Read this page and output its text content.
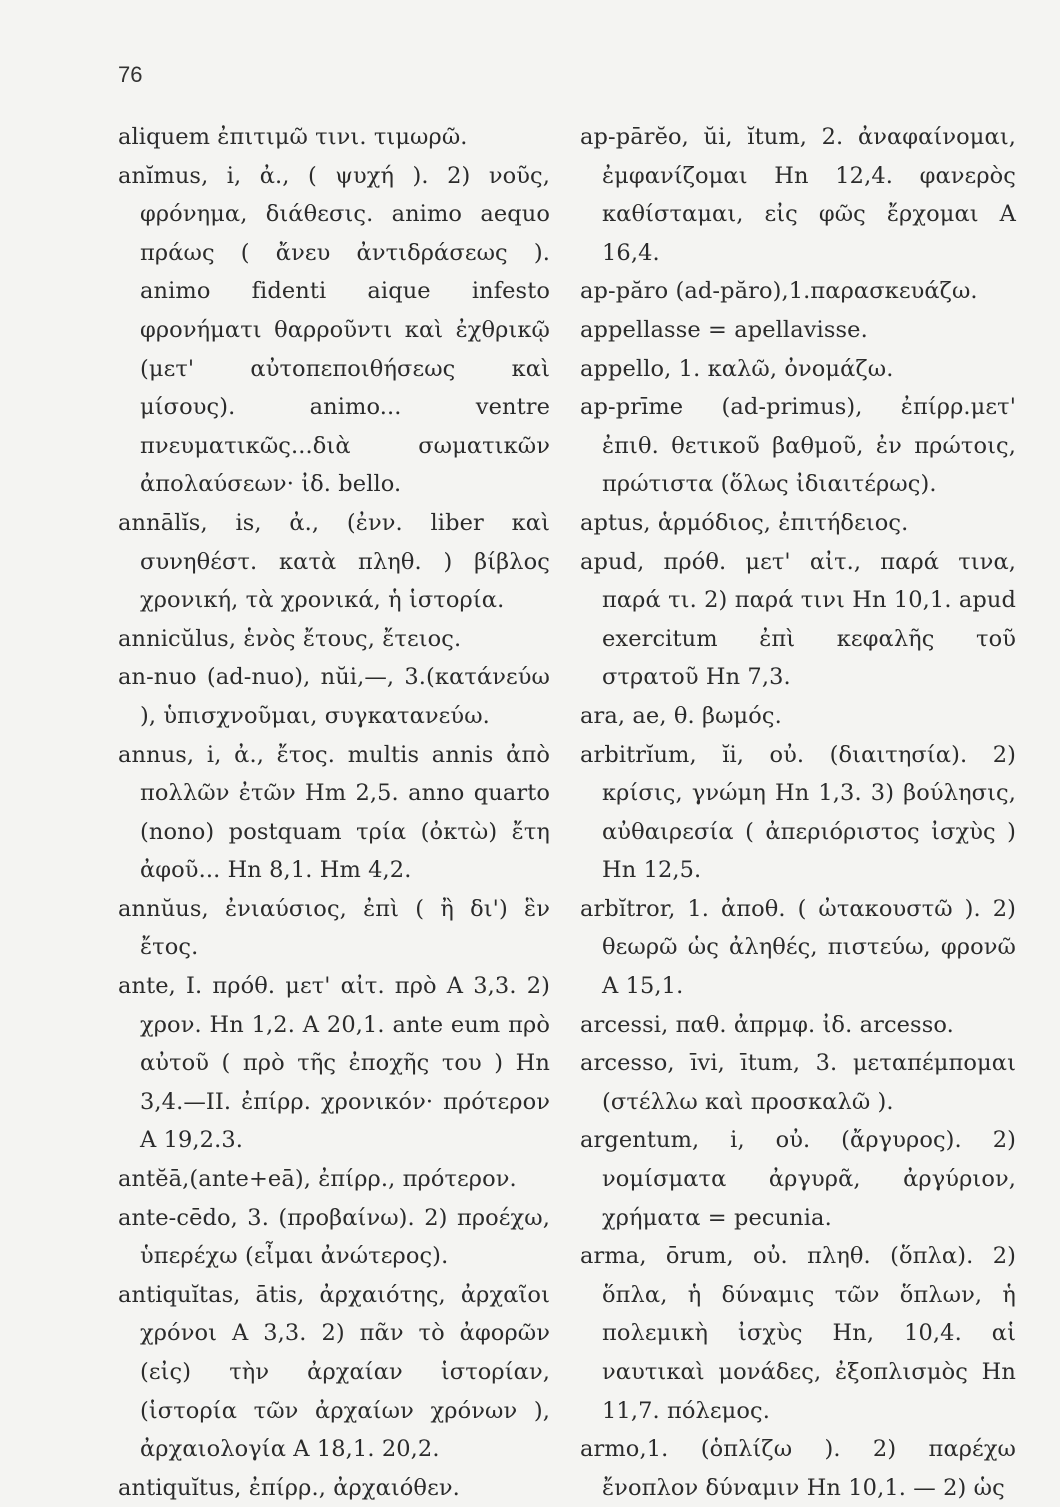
76

aliquem ἐπιτιμῶ τινι. τιμωρῶ.

anĭmus, i, ἀ., ( ψυχή ). 2) νοῦς, φρόνημα, διάθεσις. animo aequo πράως ( ἄνευ ἀντιδράσεως ). animo fidenti aique infesto φρονήματι θαρροῦντι καὶ ἐχθρικῷ (μετ' αὐτοπεποιθήσεως καὶ μίσους). animo... ventre πνευματικῶς...διὰ σωματικῶν ἀπολαύσεων· ἰδ. bello.

annālĭs, is, ἀ., (ἐνν. liber καὶ συνηθέστ. κατὰ πληθ. ) βίβλος χρονική, τὰ χρονικά, ἡ ἱστορία.

annicŭlus, ἑνὸς ἔτους, ἔτειος.

an-nuo (ad-nuo), nŭi,—, 3.(κατάνεύω ), ὑπισχνοῦμαι, συγκατανεύω.

annus, i, ἀ., ἔτος. multis annis ἀπὸ πολλῶν ἐτῶν Hm 2,5. anno quarto (nono) postquam τρία (ὀκτὼ) ἔτη ἀφοῦ... Hn 8,1. Hm 4,2.

annŭus, ἐνιαύσιος, ἐπὶ ( ἢ δι') ἓν ἔτος.

ante, I. πρόθ. μετ' αἰτ. πρὸ Α 3,3. 2) χρον. Hn 1,2. A 20,1. ante eum πρὸ αὐτοῦ ( πρὸ τῆς ἐποχῆς του ) Hn 3,4.—II. ἐπίρρ. χρονικόν· πρότερον A 19,2.3.

antĕā,(ante+eā), ἐπίρρ., πρότερον.

ante-cēdo, 3. (προβαίνω). 2) προέχω, ὑπερέχω (εἶμαι ἀνώτερος).

antiquĭtas, ātis, ἀρχαιότης, ἀρχαῖοι χρόνοι A 3,3. 2) πᾶν τὸ ἀφορῶν (εἰς) τὴν ἀρχαίαν ἱστορίαν, (ἱστορία τῶν ἀρχαίων χρόνων ), ἀρχαιολογία A 18,1. 20,2.

antiquĭtus, ἐπίρρ., ἀρχαιόθεν.

ap-pārĕo, ŭi, ĭtum, 2. ἀναφαίνομαι, ἐμφανίζομαι Hn 12,4. φανερὸς καθίσταμαι, εἰς φῶς ἔρχομαι A 16,4.

ap-părо (ad-păro),1.παρασκευάζω.

appellasse = apellavisse.

appello, 1. καλῶ, ὀνομάζω.

ap-prīme (ad-primus), ἐπίρρ.μετ' ἐπιθ. θετικοῦ βαθμοῦ, ἐν πρώτοις, πρώτιστα (ὅλως ἰδιαιτέρως).

aptus, ἁρμόδιος, ἐπιτήδειος.

apud, πρόθ. μετ' αἰτ., παρά τινα, παρά τι. 2) παρά τινι Hn 10,1. apud exercitum ἐπὶ κεφαλῆς τοῦ στρατοῦ Hn 7,3.

ara, ae, θ. βωμός.

arbitrĭum, ĭi, οὐ. (διαιτησία). 2) κρίσις, γνώμη Hn 1,3. 3) βούλησις, αὐθαιρεσία ( ἀπεριόριστος ἰσχὺς ) Hn 12,5.

arbĭtror, 1. ἀποθ. ( ὠτακουστῶ ). 2) θεωρῶ ὡς ἀληθές, πιστεύω, φρονῶ A 15,1.

arcessi, παθ. ἀπρμφ. ἰδ. arcesso.

arcesso, īvi, ītum, 3. μεταπέμπομαι (στέλλω καὶ προσκαλῶ ).

argentum, i, οὐ. (ἄργυρος). 2) νομίσματα ἀργυρᾶ, ἀργύριον, χρήματα = pecunia.

arma, ōrum, οὐ. πληθ. (ὅπλα). 2) ὅπλα, ἡ δύναμις τῶν ὅπλων, ἡ πολεμικὴ ἰσχὺς Hn, 10,4. αἱ ναυτικαὶ μονάδες, ἐξοπλισμὸς Hn 11,7. πόλεμος.

armo,1. (ὁπλίζω ). 2) παρέχω ἔνοπλον δύναμιν Hn 10,1. — 2) ὡς
